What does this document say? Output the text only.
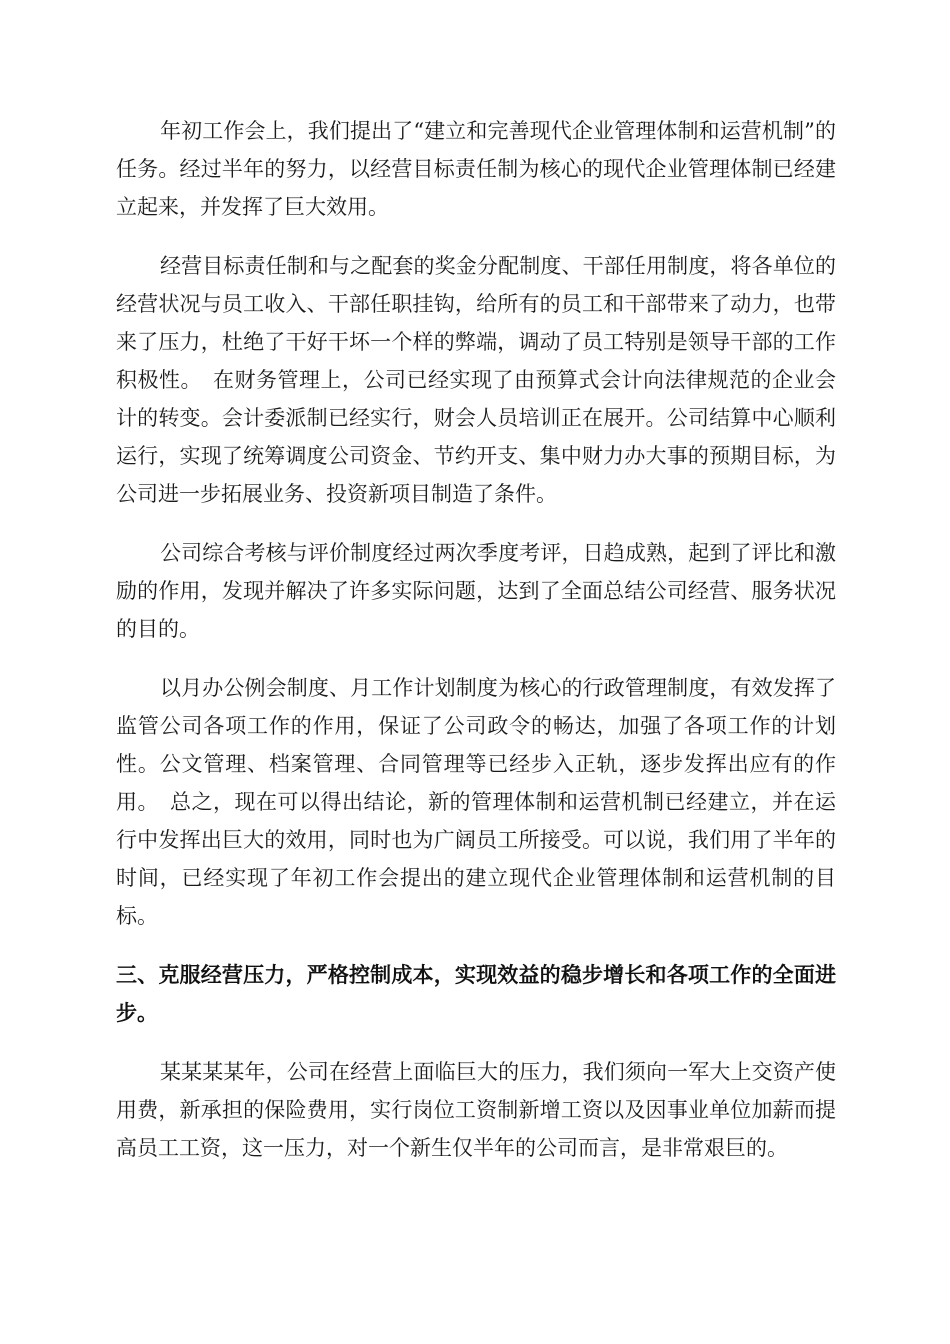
年初工作会上，我们提出了“建立和完善现代企业管理体制和运营机制”的任务。经过半年的努力，以经营目标责任制为核心的现代企业管理体制已经建立起来，并发挥了巨大效用。

经营目标责任制和与之配套的奖金分配制度、干部任用制度，将各单位的经营状况与员工收入、干部任职挂钩，给所有的员工和干部带来了动力，也带来了压力，杜绝了干好干坏一个样的弊端，调动了员工特别是领导干部的工作积极性。　在财务管理上，公司已经实现了由预算式会计向法律规范的企业会计的转变。会计委派制已经实行，财会人员培训正在展开。公司结算中心顺利运行，实现了统筹调度公司资金、节约开支、集中财力办大事的预期目标，为公司进一步拓展业务、投资新项目制造了条件。

公司综合考核与评价制度经过两次季度考评，日趋成熟，起到了评比和激励的作用，发现并解决了许多实际问题，达到了全面总结公司经营、服务状况的目的。

以月办公例会制度、月工作计划制度为核心的行政管理制度，有效发挥了监管公司各项工作的作用，保证了公司政令的畅达，加强了各项工作的计划性。公文管理、档案管理、合同管理等已经步入正轨，逐步发挥出应有的作用。　总之，现在可以得出结论，新的管理体制和运营机制已经建立，并在运行中发挥出巨大的效用，同时也为广阔员工所接受。可以说，我们用了半年的时间，已经实现了年初工作会提出的建立现代企业管理体制和运营机制的目标。

三、克服经营压力，严格控制成本，实现效益的稳步增长和各项工作的全面进步。

某某某某年，公司在经营上面临巨大的压力，我们须向一军大上交资产使用费，新承担的保险费用，实行岗位工资制新增工资以及因事业单位加薪而提高员工工资，这一压力，对一个新生仅半年的公司而言，是非常艰巨的。
